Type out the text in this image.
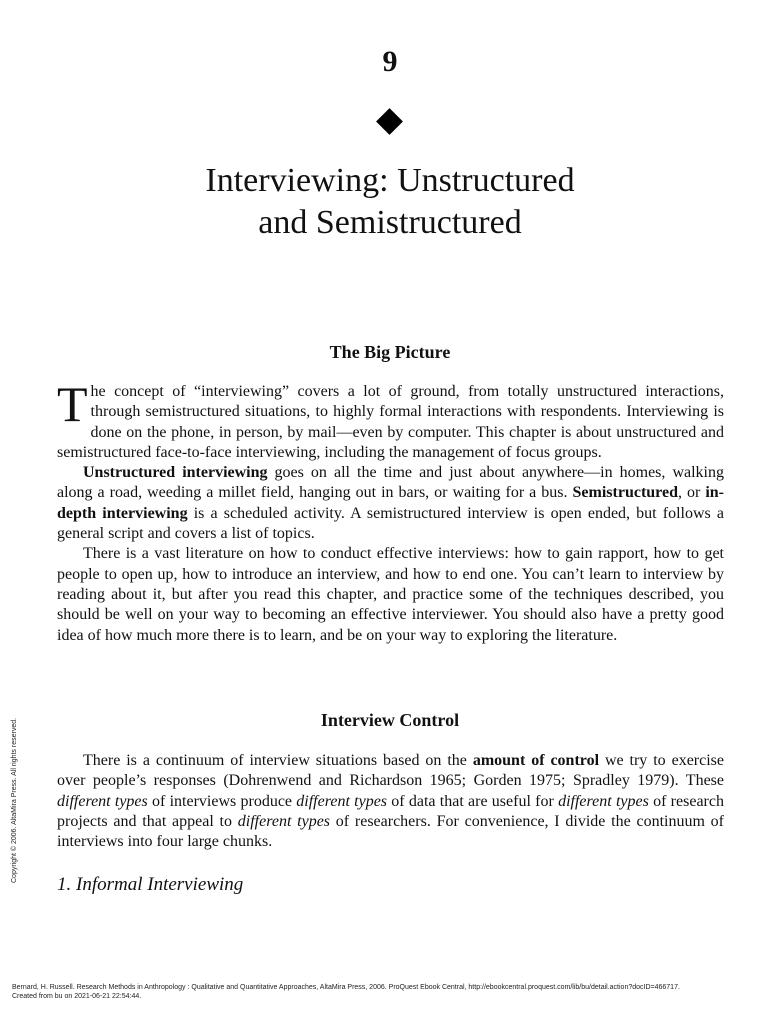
9
Interviewing: Unstructured
and Semistructured
The Big Picture

The concept of “interviewing” covers a lot of ground, from totally unstructured interactions, through semistructured situations, to highly formal interactions with respondents. Interviewing is done on the phone, in person, by mail—even by computer. This chapter is about unstructured and semistructured face-to-face interviewing, including the management of focus groups.

Unstructured interviewing goes on all the time and just about anywhere—in homes, walking along a road, weeding a millet field, hanging out in bars, or waiting for a bus. Semistructured, or in-depth interviewing is a scheduled activity. A semistructured interview is open ended, but follows a general script and covers a list of topics.

There is a vast literature on how to conduct effective interviews: how to gain rapport, how to get people to open up, how to introduce an interview, and how to end one. You can’t learn to interview by reading about it, but after you read this chapter, and practice some of the techniques described, you should be well on your way to becoming an effective interviewer. You should also have a pretty good idea of how much more there is to learn, and be on your way to exploring the literature.

Interview Control

There is a continuum of interview situations based on the amount of control we try to exercise over people’s responses (Dohrenwend and Richardson 1965; Gorden 1975; Spradley 1979). These different types of interviews produce different types of data that are useful for different types of research projects and that appeal to different types of researchers. For convenience, I divide the continuum of interviews into four large chunks.

1. Informal Interviewing
Copyright © 2006. AltaMira Press. All rights reserved.
Bernard, H. Russell. Research Methods in Anthropology : Qualitative and Quantitative Approaches, AltaMira Press, 2006. ProQuest Ebook Central, http://ebookcentral.proquest.com/lib/bu/detail.action?docID=466717.
Created from bu on 2021-06-21 22:54:44.
